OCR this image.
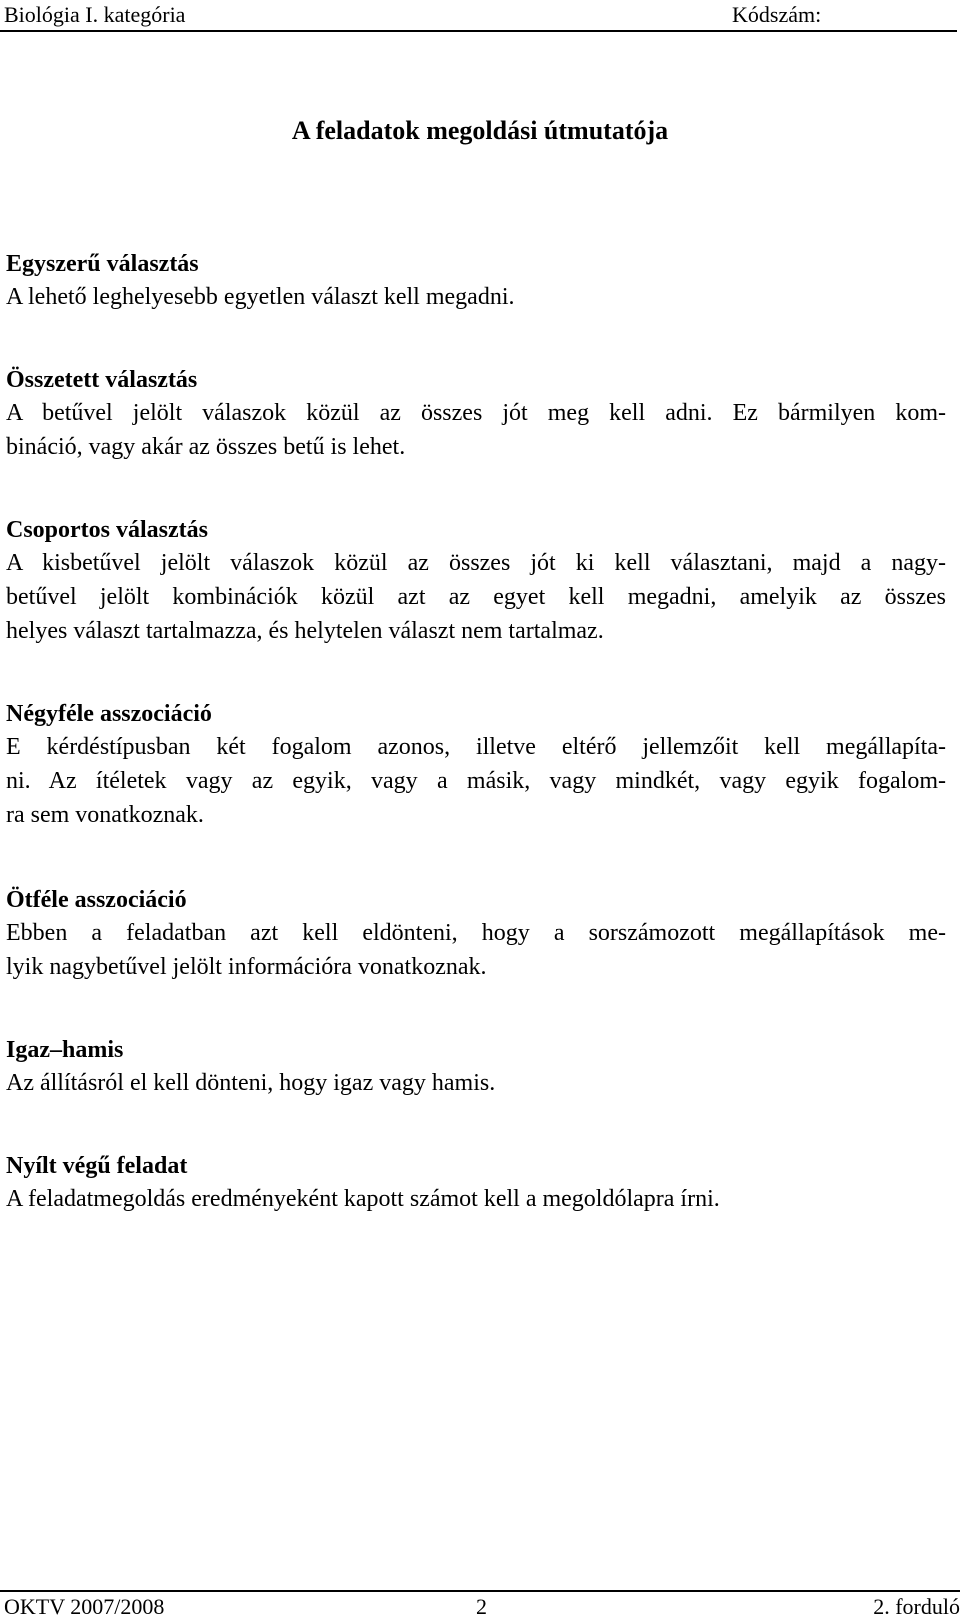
Biológia I. kategória	Kódszám:
A feladatok megoldási útmutatója
Egyszerű választás

A lehető leghelyesebb egyetlen választ kell megadni.

Összetett választás

A betűvel jelölt válaszok közül az összes jót meg kell adni. Ez bármilyen kom-
bináció, vagy akár az összes betű is lehet.

Csoportos választás

A kisbetűvel jelölt válaszok közül az összes jót ki kell választani, majd a nagy-
betűvel jelölt kombinációk közül azt az egyet kell megadni, amelyik az összes
helyes választ tartalmazza, és helytelen választ nem tartalmaz.

Négyféle asszociáció

E kérdéstípusban két fogalom azonos, illetve eltérő jellemzőit kell megállapíta-
ni. Az ítéletek vagy az egyik, vagy a másik, vagy mindkét, vagy egyik fogalom-
ra sem vonatkoznak.

Ötféle asszociáció

Ebben a feladatban azt kell eldönteni, hogy a sorszámozott megállapítások me-
lyik nagybetűvel jelölt információra vonatkoznak.

Igaz–hamis

Az állításról el kell dönteni, hogy igaz vagy hamis.

Nyílt végű feladat

A feladatmegoldás eredményeként kapott számot kell a megoldólapra írni.

OKTV 2007/2008	2	2. forduló
